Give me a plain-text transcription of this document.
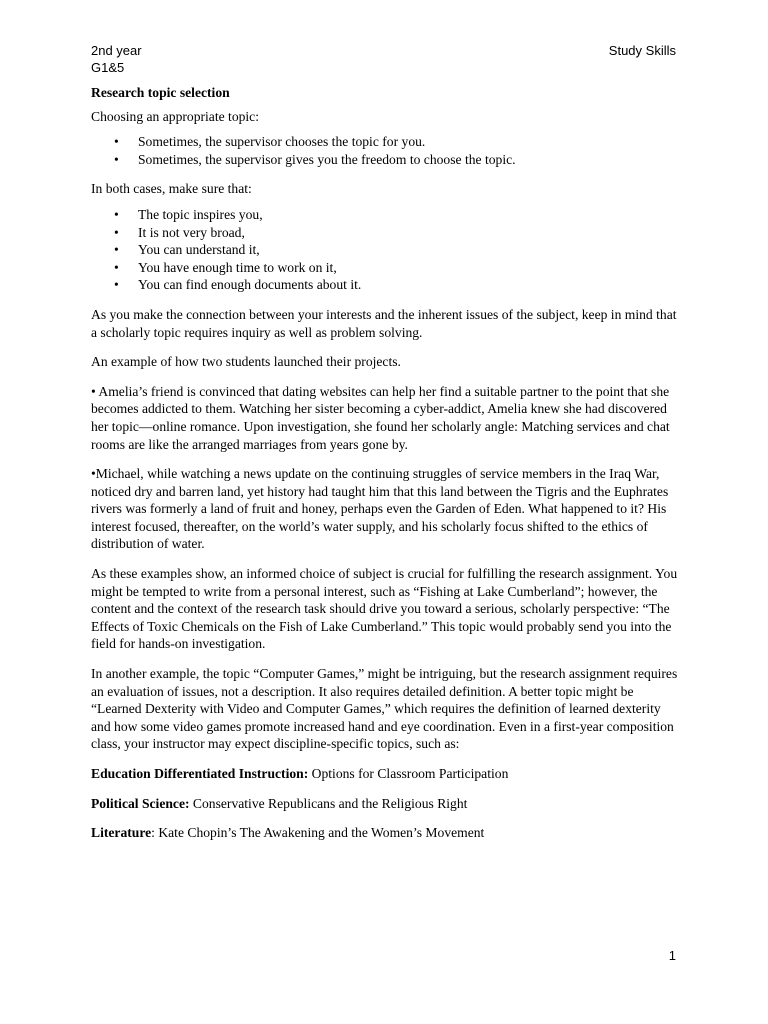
2nd year
G1&5
Study Skills

Research topic selection

Choosing an appropriate topic:

• Sometimes, the supervisor chooses the topic for you.
• Sometimes, the supervisor gives you the freedom to choose the topic.

In both cases, make sure that:

• The topic inspires you,
• It is not very broad,
• You can understand it,
• You have enough time to work on it,
• You can find enough documents about it.

As you make the connection between your interests and the inherent issues of the subject, keep in mind that a scholarly topic requires inquiry as well as problem solving.

An example of how two students launched their projects.

• Amelia’s friend is convinced that dating websites can help her find a suitable partner to the point that she becomes addicted to them. Watching her sister becoming a cyber-addict, Amelia knew she had discovered her topic—online romance. Upon investigation, she found her scholarly angle: Matching services and chat rooms are like the arranged marriages from years gone by.

•Michael, while watching a news update on the continuing struggles of service members in the Iraq War, noticed dry and barren land, yet history had taught him that this land between the Tigris and the Euphrates rivers was formerly a land of fruit and honey, perhaps even the Garden of Eden. What happened to it? His interest focused, thereafter, on the world’s water supply, and his scholarly focus shifted to the ethics of distribution of water.

As these examples show, an informed choice of subject is crucial for fulfilling the research assignment. You might be tempted to write from a personal interest, such as “Fishing at Lake Cumberland”; however, the content and the context of the research task should drive you toward a serious, scholarly perspective: “The Effects of Toxic Chemicals on the Fish of Lake Cumberland.” This topic would probably send you into the field for hands-on investigation.

In another example, the topic “Computer Games,” might be intriguing, but the research assignment requires an evaluation of issues, not a description. It also requires detailed definition. A better topic might be “Learned Dexterity with Video and Computer Games,” which requires the definition of learned dexterity and how some video games promote increased hand and eye coordination. Even in a first-year composition class, your instructor may expect discipline-specific topics, such as:

Education Differentiated Instruction: Options for Classroom Participation

Political Science: Conservative Republicans and the Religious Right

Literature: Kate Chopin’s The Awakening and the Women’s Movement

1
